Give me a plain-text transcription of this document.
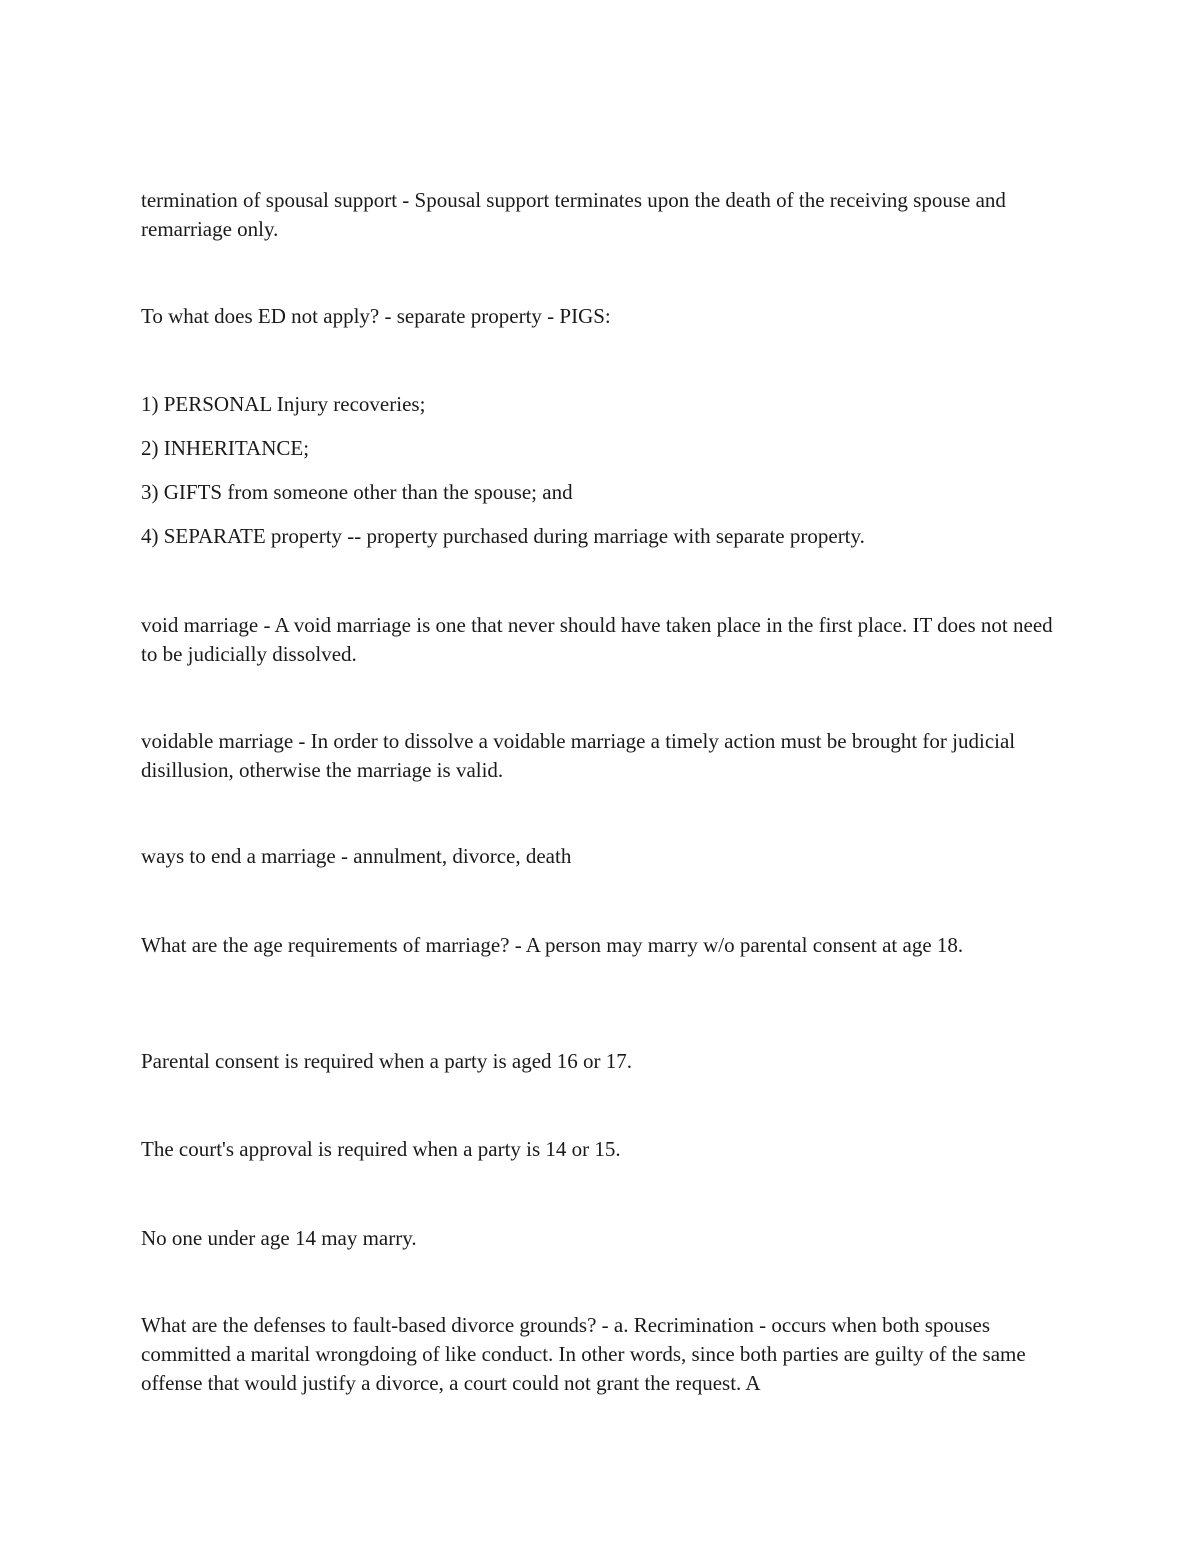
termination of spousal support - Spousal support terminates upon the death of the receiving spouse and remarriage only.

To what does ED not apply? - separate property - PIGS:

1) PERSONAL Injury recoveries;

2) INHERITANCE;

3) GIFTS from someone other than the spouse; and

4) SEPARATE property -- property purchased during marriage with separate property.

void marriage - A void marriage is one that never should have taken place in the first place. IT does not need to be judicially dissolved.

voidable marriage - In order to dissolve a voidable marriage a timely action must be brought for judicial disillusion, otherwise the marriage is valid.

ways to end a marriage - annulment, divorce, death

What are the age requirements of marriage? - A person may marry w/o parental consent at age 18.

Parental consent is required when a party is aged 16 or 17.

The court's approval is required when a party is 14 or 15.

No one under age 14 may marry.

What are the defenses to fault-based divorce grounds? - a. Recrimination - occurs when both spouses committed a marital wrongdoing of like conduct. In other words, since both parties are guilty of the same offense that would justify a divorce, a court could not grant the request. A
